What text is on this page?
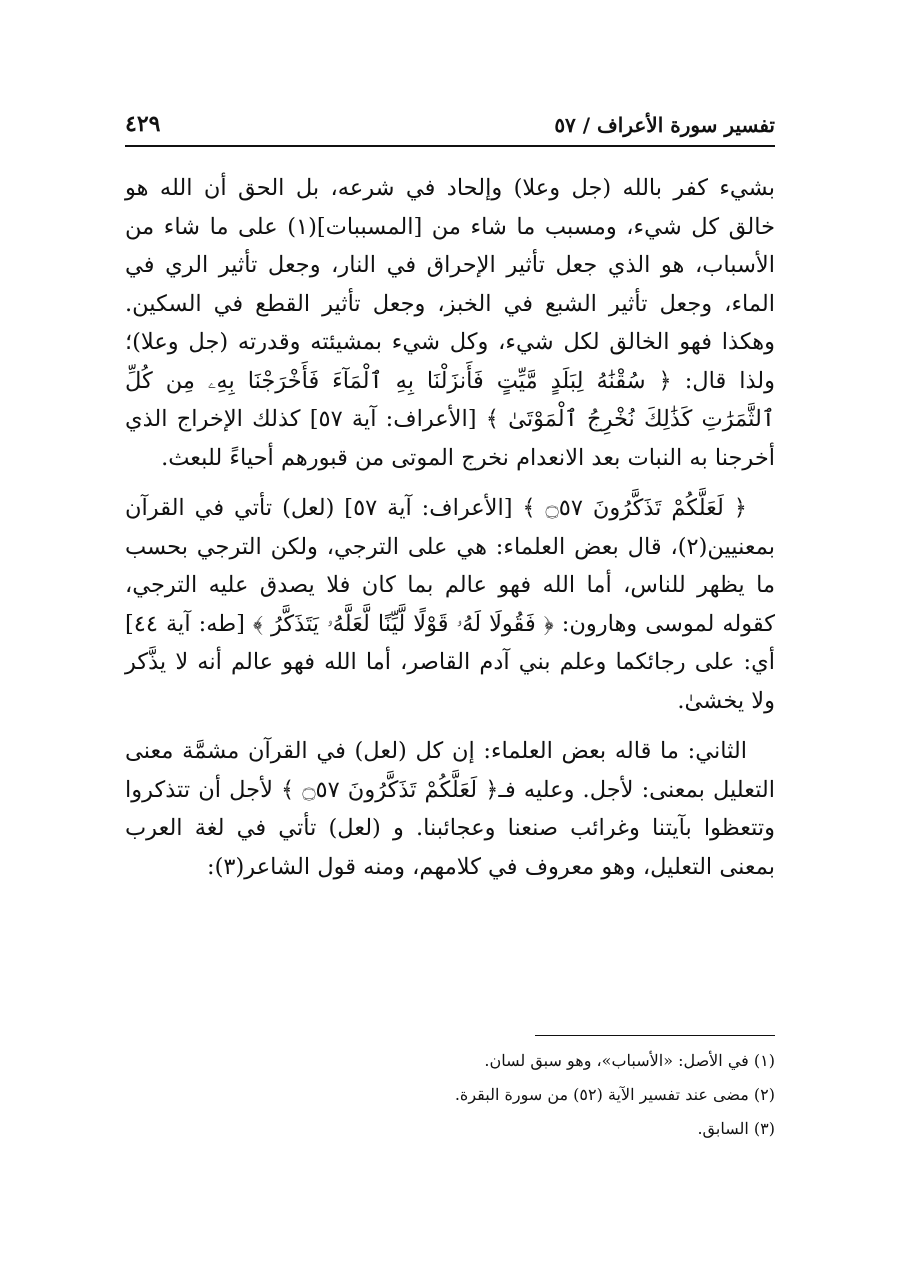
تفسير سورة الأعراف / ٥٧
٤٢٩

بشيء كفر بالله (جل وعلا) وإلحاد في شرعه، بل الحق أن الله هو خالق كل شيء، ومسبب ما شاء من [المسببات](١) على ما شاء من الأسباب، هو الذي جعل تأثير الإحراق في النار، وجعل تأثير الري في الماء، وجعل تأثير الشبع في الخبز، وجعل تأثير القطع في السكين. وهكذا فهو الخالق لكل شيء، وكل شيء بمشيئته وقدرته (جل وعلا)؛ ولذا قال: ﴿ سُقْنَٰهُ لِبَلَدٍ مَّيِّتٍ فَأَنزَلْنَا بِهِ ٱلْمَآءَ فَأَخْرَجْنَا بِهِۦ مِن كُلِّ ٱلثَّمَرَٰتِ كَذَٰلِكَ نُخْرِجُ ٱلْمَوْتَىٰ ﴾ [الأعراف: آية ٥٧] كذلك الإخراج الذي أخرجنا به النبات بعد الانعدام نخرج الموتى من قبورهم أحياءً للبعث.

﴿ لَعَلَّكُمْ تَذَكَّرُونَ ۝٥٧ ﴾ [الأعراف: آية ٥٧] (لعل) تأتي في القرآن بمعنيين(٢)، قال بعض العلماء: هي على الترجي، ولكن الترجي بحسب ما يظهر للناس، أما الله فهو عالم بما كان فلا يصدق عليه الترجي، كقوله لموسى وهارون: ﴿ فَقُولَا لَهُۥ قَوْلًا لَّيِّنًا لَّعَلَّهُۥ يَتَذَكَّرُ ﴾ [طه: آية ٤٤] أي: على رجائكما وعلم بني آدم القاصر، أما الله فهو عالم أنه لا يذَّكر ولا يخشىٰ.

الثاني: ما قاله بعض العلماء: إن كل (لعل) في القرآن مشمَّة معنى التعليل بمعنى: لأجل. وعليه فـ﴿ لَعَلَّكُمْ تَذَكَّرُونَ ۝٥٧ ﴾ لأجل أن تتذكروا وتتعظوا بآيتنا وغرائب صنعنا وعجائبنا. و (لعل) تأتي في لغة العرب بمعنى التعليل، وهو معروف في كلامهم، ومنه قول الشاعر(٣):

(١) في الأصل: «الأسباب»، وهو سبق لسان.

(٢) مضى عند تفسير الآية (٥٢) من سورة البقرة.

(٣) السابق.
